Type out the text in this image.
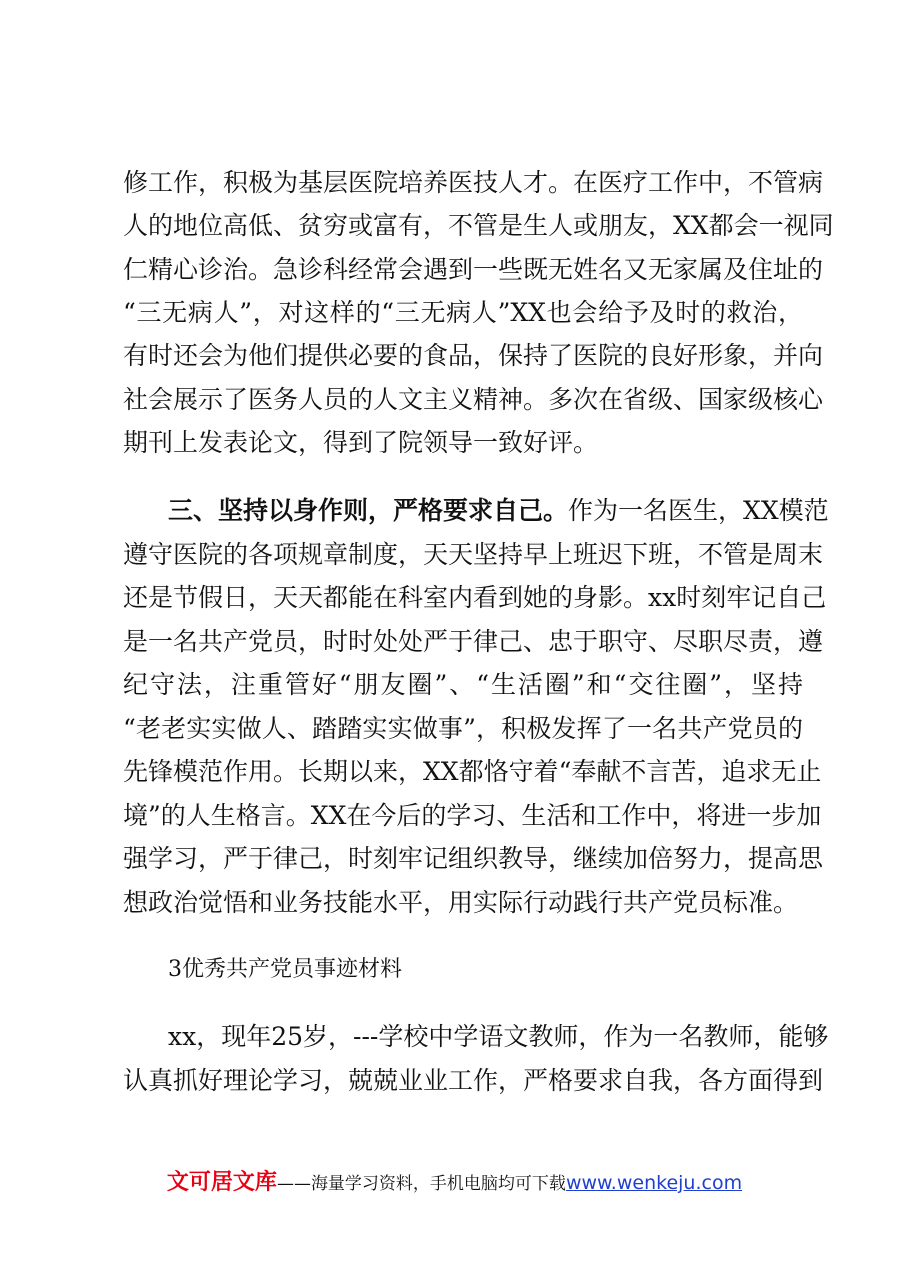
修工作，积极为基层医院培养医技人才。在医疗工作中，不管病
人的地位高低、贫穷或富有，不管是生人或朋友，XX都会一视同
仁精心诊治。急诊科经常会遇到一些既无姓名又无家属及住址的
“三无病人”，对这样的“三无病人”XX也会给予及时的救治，
有时还会为他们提供必要的食品，保持了医院的良好形象，并向
社会展示了医务人员的人文主义精神。多次在省级、国家级核心
期刊上发表论文，得到了院领导一致好评。
三、坚持以身作则，严格要求自己。作为一名医生，XX模范
遵守医院的各项规章制度，天天坚持早上班迟下班，不管是周末
还是节假日，天天都能在科室内看到她的身影。xx时刻牢记自己
是一名共产党员，时时处处严于律己、忠于职守、尽职尽责，遵
纪守法，注重管好“朋友圈”、“生活圈”和“交往圈”，坚持
“老老实实做人、踏踏实实做事”，积极发挥了一名共产党员的
先锋模范作用。长期以来，XX都恪守着“奉献不言苦，追求无止
境”的人生格言。XX在今后的学习、生活和工作中，将进一步加
强学习，严于律己，时刻牢记组织教导，继续加倍努力，提高思
想政治觉悟和业务技能水平，用实际行动践行共产党员标准。
3优秀共产党员事迹材料
xx，现年25岁，---学校中学语文教师，作为一名教师，能够
认真抓好理论学习，兢兢业业工作，严格要求自我，各方面得到
文可居文库——海量学习资料，手机电脑均可下载www.wenkeju.com
